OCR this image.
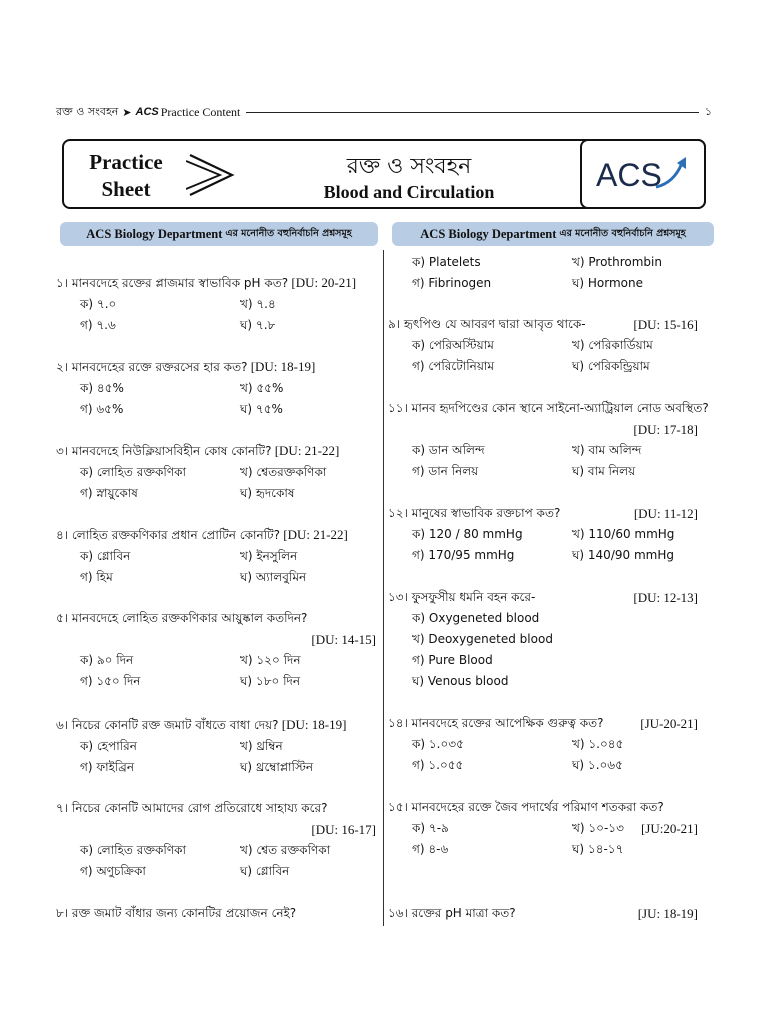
রক্ত ও সংবহন ➤ ACS Practice Content	১
Practice
Sheet
রক্ত ও সংবহন
Blood and Circulation	ACS
ACS Biology Department এর মনোনীত বহুনির্বাচনি প্রশ্নসমূহ	ACS Biology Department এর মনোনীত বহুনির্বাচনি প্রশ্নসমূহ
১। মানবদেহে রক্তের প্লাজমার স্বাভাবিক pH কত? [DU: 20-21]
ক) ৭.০	খ) ৭.৪
গ) ৭.৬	ঘ) ৭.৮
২। মানবদেহের রক্তে রক্তরসের হার কত? [DU: 18-19]
ক) ৪৫%	খ) ৫৫%
গ) ৬৫%	ঘ) ৭৫%
৩। মানবদেহে নিউক্লিয়াসবিহীন কোষ কোনটি? [DU: 21-22]
ক) লোহিত রক্তকণিকা	খ) শ্বেতরক্তকণিকা
গ) স্নায়ুকোষ	ঘ) হৃদকোষ
৪। লোহিত রক্তকণিকার প্রধান প্রোটিন কোনটি? [DU: 21-22]
ক) গ্লোবিন	খ) ইনসুলিন
গ) হিম	ঘ) অ্যালবুমিন
৫। মানবদেহে লোহিত রক্তকণিকার আয়ুষ্কাল কতদিন?
[DU: 14-15]
ক) ৯০ দিন	খ) ১২০ দিন
গ) ১৫০ দিন	ঘ) ১৮০ দিন
৬। নিচের কোনটি রক্ত জমাট বাঁধতে বাধা দেয়? [DU: 18-19]
ক) হেপারিন	খ) থ্রম্বিন
গ) ফাইব্রিন	ঘ) থ্রম্বোপ্লাস্টিন
৭। নিচের কোনটি আমাদের রোগ প্রতিরোধে সাহায্য করে?
[DU: 16-17]
ক) লোহিত রক্তকণিকা	খ) শ্বেত রক্তকণিকা
গ) অণুচক্রিকা	ঘ) গ্লোবিন
৮। রক্ত জমাট বাঁধার জন্য কোনটির প্রয়োজন নেই?
ক) Platelets	খ) Prothrombin
গ) Fibrinogen	ঘ) Hormone
৯। হৃৎপিণ্ড যে আবরণ দ্বারা আবৃত থাকে-	[DU: 15-16]
ক) পেরিঅস্টিয়াম	খ) পেরিকার্ডিয়াম
গ) পেরিটোনিয়াম	ঘ) পেরিকন্ড্রিয়াম
১১। মানব হৃদপিণ্ডের কোন স্থানে সাইনো-অ্যাট্রিয়াল নোড অবস্থিত?
[DU: 17-18]
ক) ডান অলিন্দ	খ) বাম অলিন্দ
গ) ডান নিলয়	ঘ) বাম নিলয়
১২। মানুষের স্বাভাবিক রক্তচাপ কত?	[DU: 11-12]
ক) 120 / 80 mmHg	খ) 110/60 mmHg
গ) 170/95 mmHg	ঘ) 140/90 mmHg
১৩। ফুসফুসীয় ধমনি বহন করে-	[DU: 12-13]
ক) Oxygeneted blood
খ) Deoxygeneted blood
গ) Pure Blood
ঘ) Venous blood
১৪। মানবদেহে রক্তের আপেক্ষিক গুরুত্ব কত?	[JU-20-21]
ক) ১.০৩৫	খ) ১.০৪৫
গ) ১.০৫৫	ঘ) ১.০৬৫
১৫। মানবদেহের রক্তে জৈব পদার্থের পরিমাণ শতকরা কত?
[JU:20-21]
ক) ৭-৯	খ) ১০-১৩
গ) ৪-৬	ঘ) ১৪-১৭
১৬। রক্তের pH মাত্রা কত?	[JU: 18-19]
